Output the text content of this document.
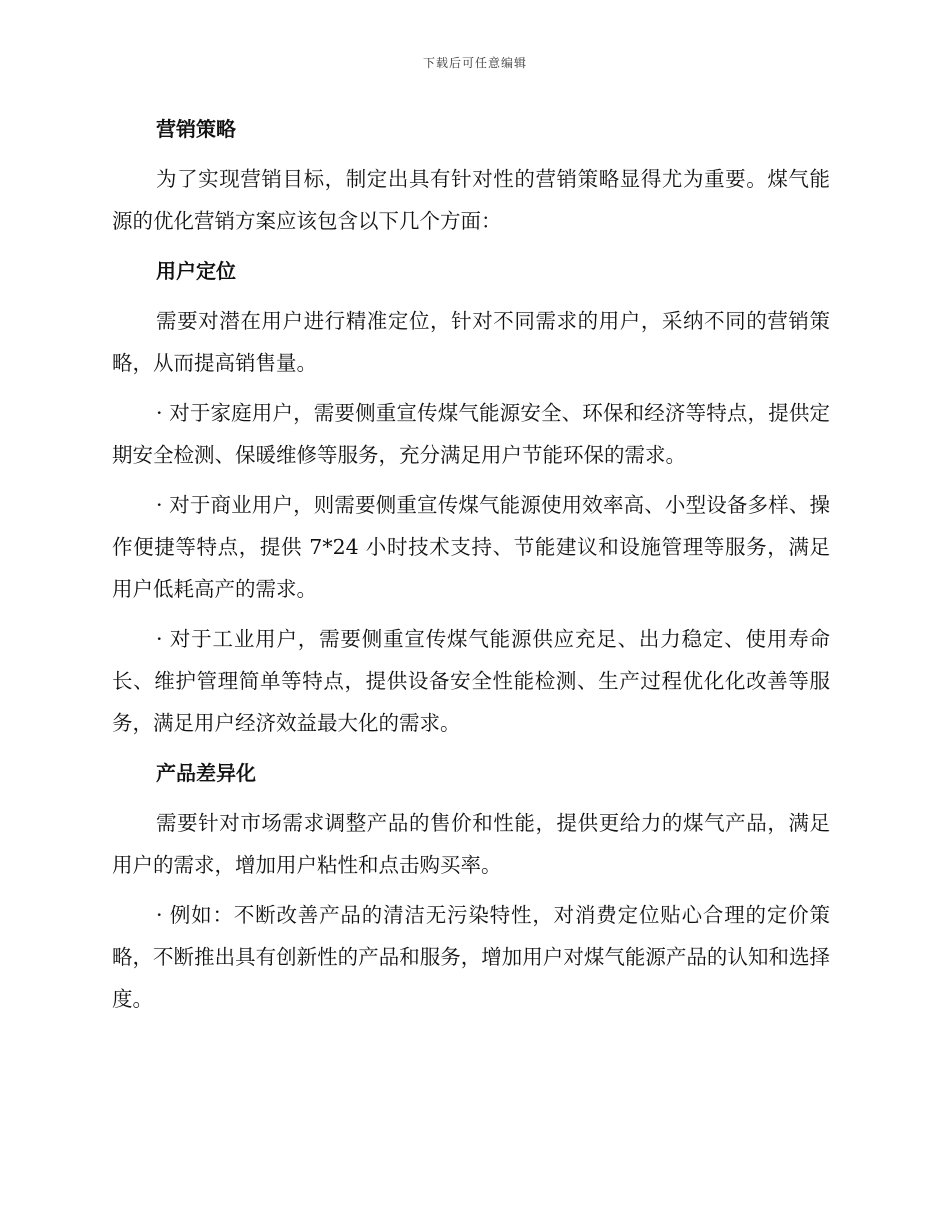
下载后可任意编辑
营销策略

为了实现营销目标，制定出具有针对性的营销策略显得尤为重要。煤气能源的优化营销方案应该包含以下几个方面：

用户定位

需要对潜在用户进行精准定位，针对不同需求的用户，采纳不同的营销策略，从而提高销售量。

· 对于家庭用户，需要侧重宣传煤气能源安全、环保和经济等特点，提供定期安全检测、保暖维修等服务，充分满足用户节能环保的需求。

· 对于商业用户，则需要侧重宣传煤气能源使用效率高、小型设备多样、操作便捷等特点，提供 7*24 小时技术支持、节能建议和设施管理等服务，满足用户低耗高产的需求。

· 对于工业用户，需要侧重宣传煤气能源供应充足、出力稳定、使用寿命长、维护管理简单等特点，提供设备安全性能检测、生产过程优化化改善等服务，满足用户经济效益最大化的需求。

产品差异化

需要针对市场需求调整产品的售价和性能，提供更给力的煤气产品，满足用户的需求，增加用户粘性和点击购买率。

· 例如：不断改善产品的清洁无污染特性，对消费定位贴心合理的定价策略，不断推出具有创新性的产品和服务，增加用户对煤气能源产品的认知和选择度。
